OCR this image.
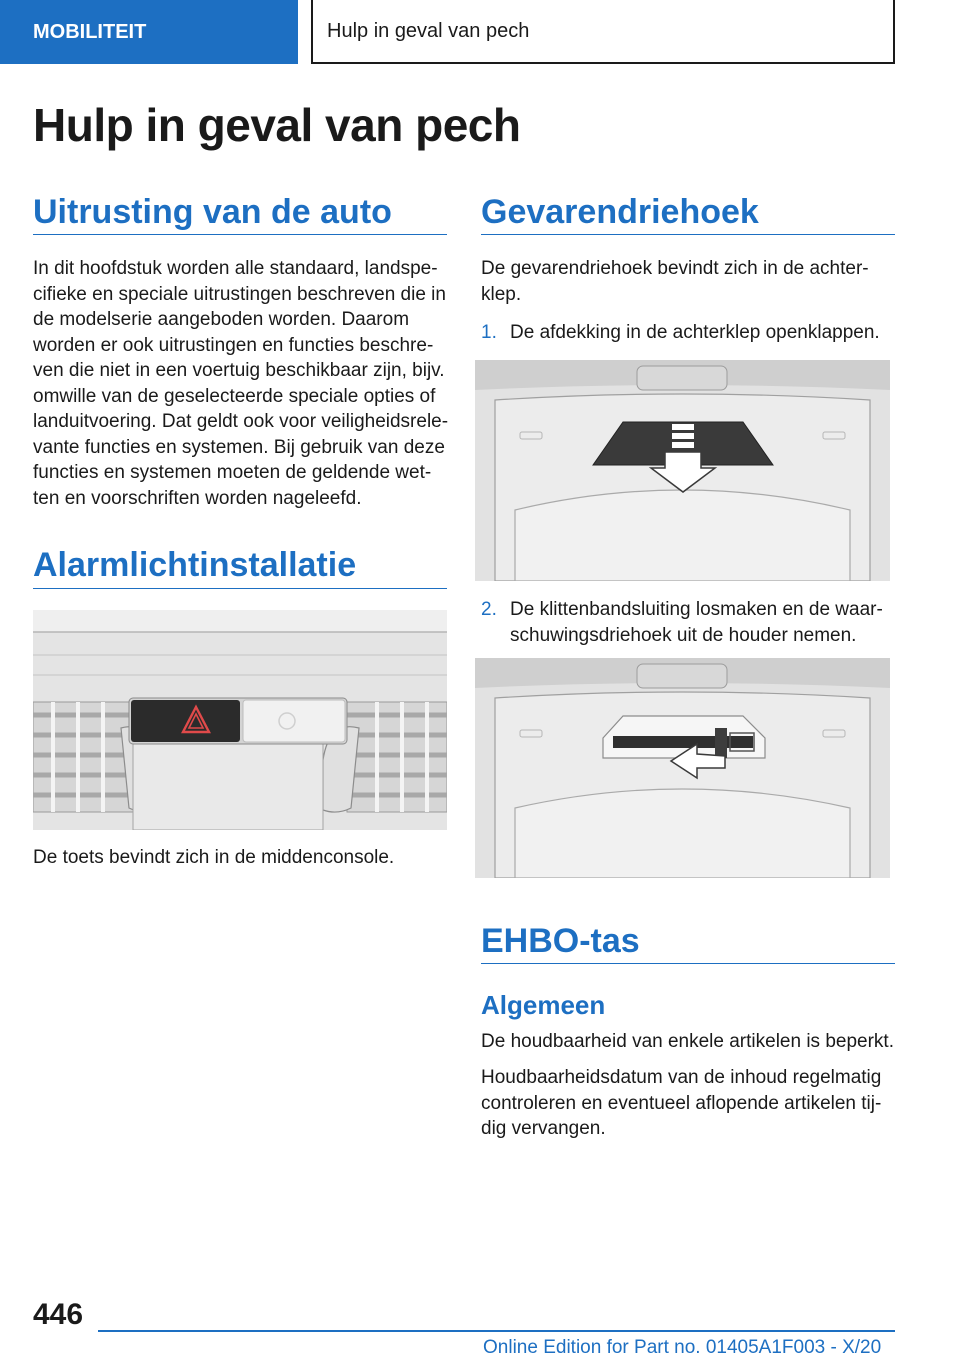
MOBILITEIT	Hulp in geval van pech
Hulp in geval van pech
Uitrusting van de auto
In dit hoofdstuk worden alle standaard, landspe-
cifieke en speciale uitrustingen beschreven die in
de modelserie aangeboden worden. Daarom
worden er ook uitrustingen en functies beschre-
ven die niet in een voertuig beschikbaar zijn, bijv.
omwille van de geselecteerde speciale opties of
landuitvoering. Dat geldt ook voor veiligheidsrele-
vante functies en systemen. Bij gebruik van deze
functies en systemen moeten de geldende wet-
ten en voorschriften worden nageleefd.
Alarmlichtinstallatie
De toets bevindt zich in de middenconsole.
Gevarendriehoek
De gevarendriehoek bevindt zich in de achter-
klep.
1. De afdekking in de achterklep openklappen.
2. De klittenbandsluiting losmaken en de waar-
schuwingsdriehoek uit de houder nemen.
EHBO-tas
Algemeen
De houdbaarheid van enkele artikelen is beperkt.
Houdbaarheidsdatum van de inhoud regelmatig
controleren en eventueel aflopende artikelen tij-
dig vervangen.
446
Online Edition for Part no. 01405A1F003 - X/20
